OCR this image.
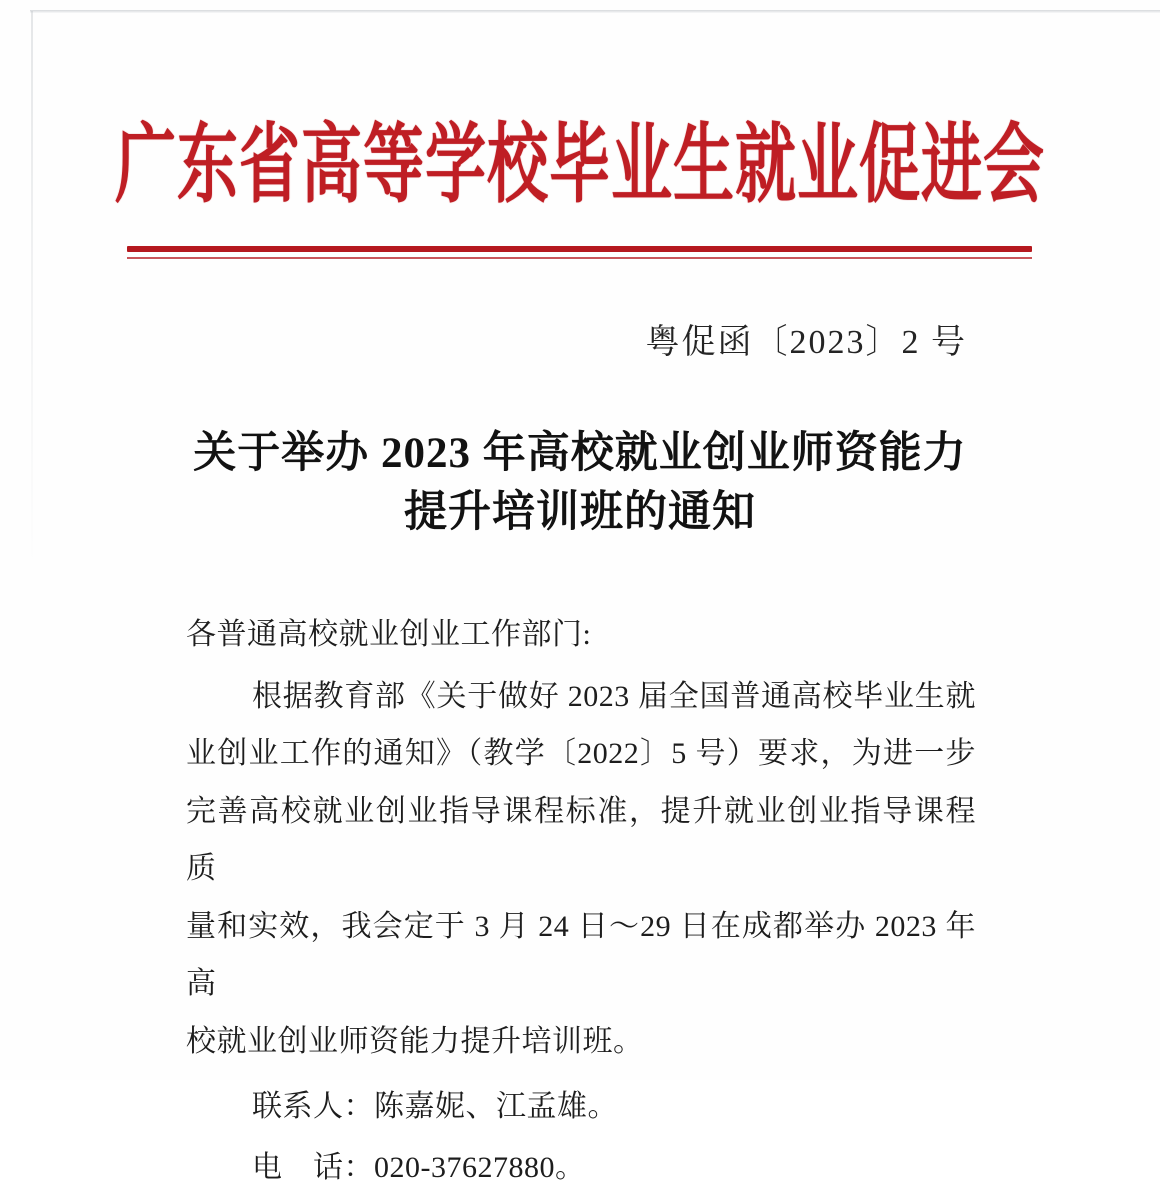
广东省高等学校毕业生就业促进会
粤促函〔2023〕2 号
关于举办 2023 年高校就业创业师资能力
提升培训班的通知

各普通高校就业创业工作部门:

根据教育部《关于做好 2023 届全国普通高校毕业生就

业创业工作的通知》（教学〔2022〕5 号）要求，为进一步

完善高校就业创业指导课程标准，提升就业创业指导课程质

量和实效，我会定于 3 月 24 日～29 日在成都举办 2023 年高

校就业创业师资能力提升培训班。

联系人：陈嘉妮、江孟雄。

电　话：020-37627880。
